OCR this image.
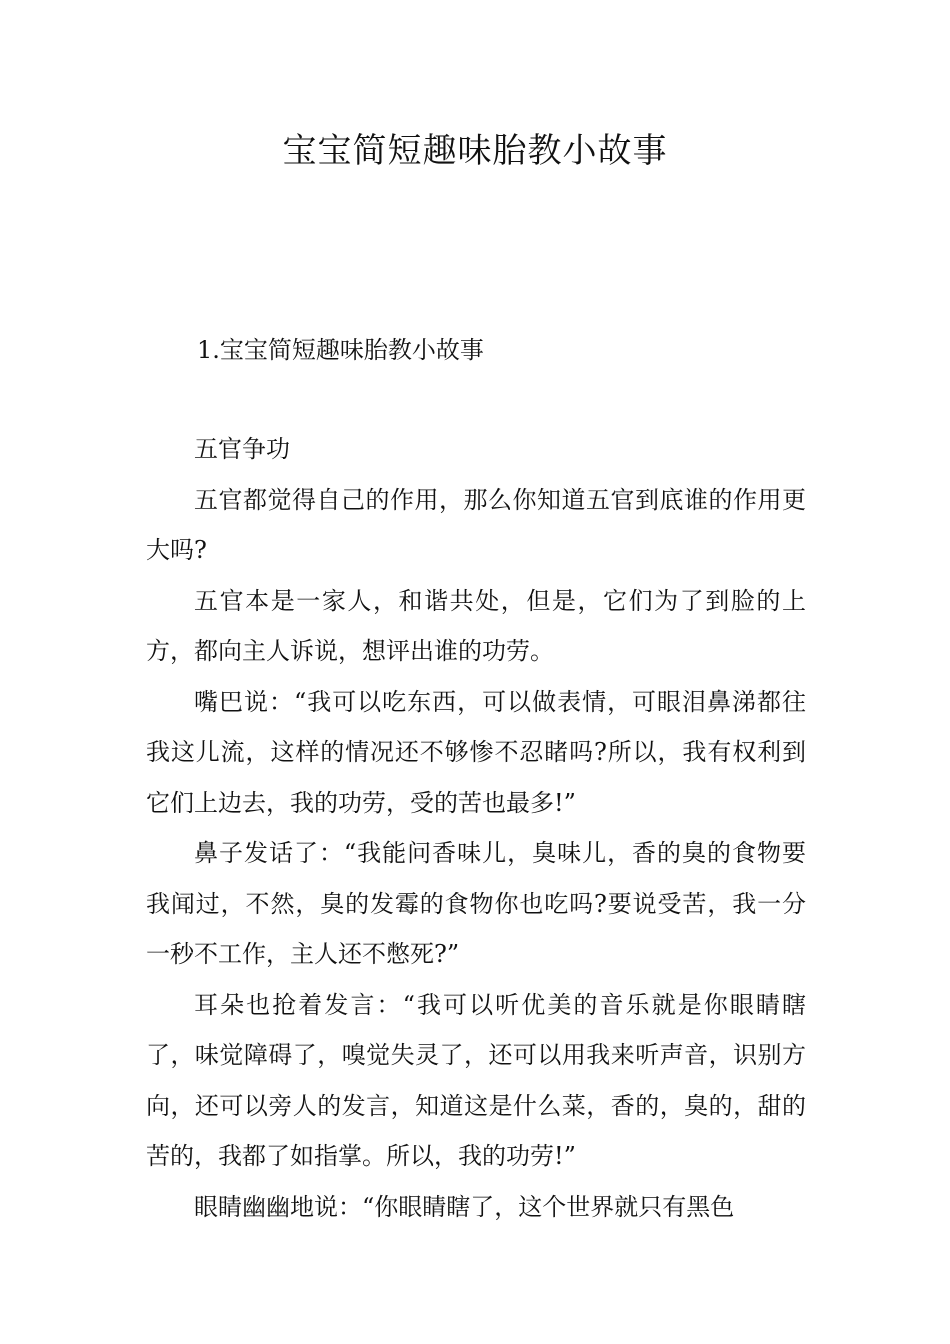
宝宝简短趣味胎教小故事
1.宝宝简短趣味胎教小故事

五官争功

五官都觉得自己的作用，那么你知道五官到底谁的作用更大吗?

五官本是一家人，和谐共处，但是，它们为了到脸的上方，都向主人诉说，想评出谁的功劳。

嘴巴说：“我可以吃东西，可以做表情，可眼泪鼻涕都往我这儿流，这样的情况还不够惨不忍睹吗?所以，我有权利到它们上边去，我的功劳，受的苦也最多!”

鼻子发话了：“我能问香味儿，臭味儿，香的臭的食物要我闻过，不然，臭的发霉的食物你也吃吗?要说受苦，我一分一秒不工作，主人还不憋死?”

耳朵也抢着发言：“我可以听优美的音乐就是你眼睛瞎了，味觉障碍了，嗅觉失灵了，还可以用我来听声音，识别方向，还可以旁人的发言，知道这是什么菜，香的，臭的，甜的苦的，我都了如指掌。所以，我的功劳!”

眼睛幽幽地说：“你眼睛瞎了，这个世界就只有黑色
